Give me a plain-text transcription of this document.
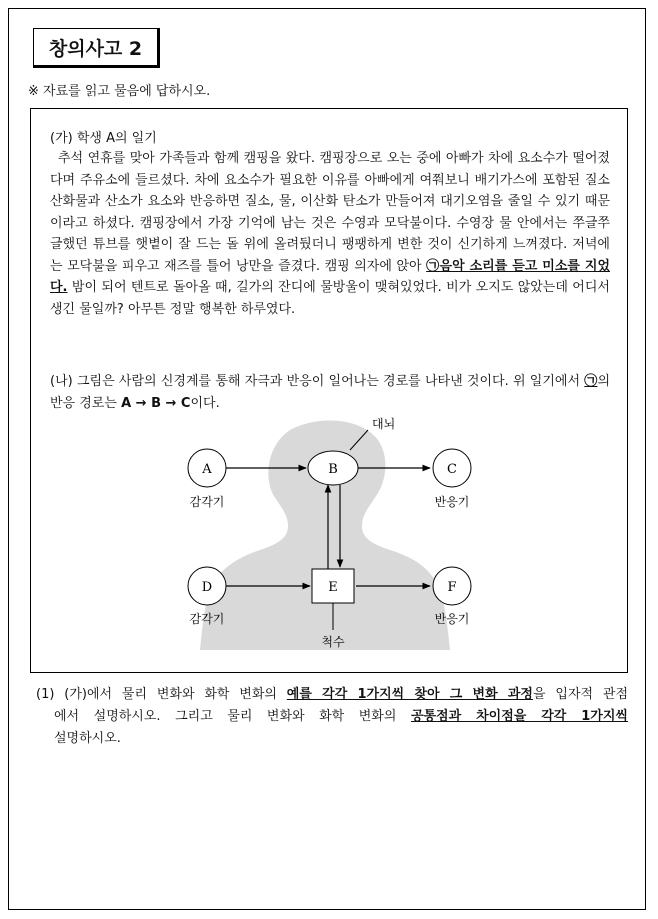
창의사고 2
※ 자료를 읽고 물음에 답하시오.
(가) 학생 A의 일기

추석 연휴를 맞아 가족들과 함께 캠핑을 왔다. 캠핑장으로 오는 중에 아빠가 차에 요소수가 떨어졌다며 주유소에 들르셨다. 차에 요소수가 필요한 이유를 아빠에게 여쭤보니 배기가스에 포함된 질소 산화물과 산소가 요소와 반응하면 질소, 물, 이산화 탄소가 만들어져 대기오염을 줄일 수 있기 때문이라고 하셨다. 캠핑장에서 가장 기억에 남는 것은 수영과 모닥불이다. 수영장 물 안에서는 쭈글쭈글했던 튜브를 햇볕이 잘 드는 돌 위에 올려뒀더니 팽팽하게 변한 것이 신기하게 느껴졌다. 저녁에는 모닥불을 피우고 재즈를 틀어 낭만을 즐겼다. 캠핑 의자에 앉아 ㉠음악 소리를 듣고 미소를 지었다. 밤이 되어 텐트로 돌아올 때, 길가의 잔디에 물방울이 맺혀있었다. 비가 오지도 않았는데 어디서 생긴 물일까? 아무튼 정말 행복한 하루였다.

(나) 그림은 사람의 신경계를 통해 자극과 반응이 일어나는 경로를 나타낸 것이다. 위 일기에서 ㉠의 반응 경로는 A → B → C이다.

A	B	C
D	E	F
대뇌
감각기	반응기
감각기	반응기
척수

(1) (가)에서 물리 변화와 화학 변화의 예를 각각 1가지씩 찾아 그 변화 과정을 입자적 관점
에서 설명하시오. 그리고 물리 변화와 화학 변화의 공통점과 차이점을 각각 1가지씩
설명하시오.
